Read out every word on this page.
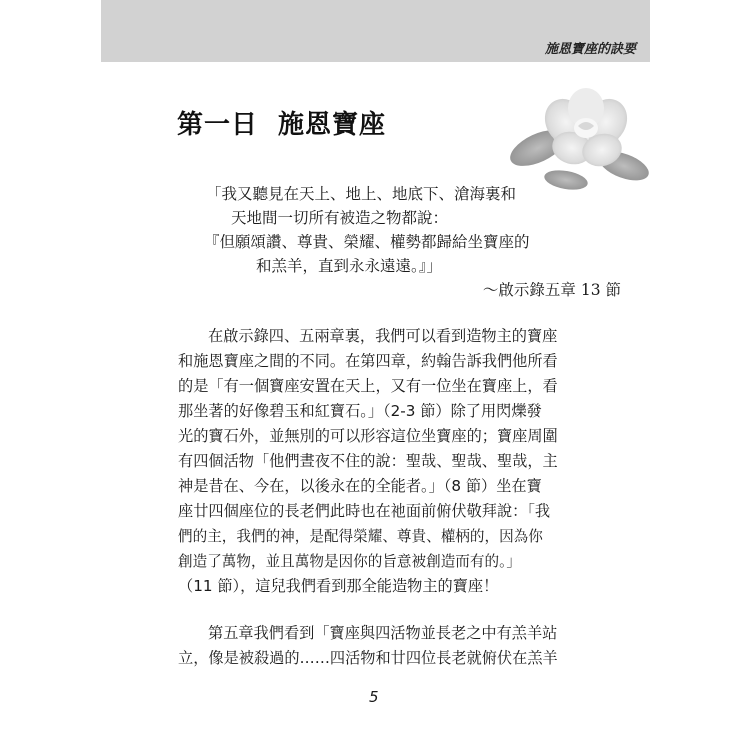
施恩寶座的訣要
第一日 施恩寶座

「我又聽見在天上、地上、地底下、滄海裏和

天地間一切所有被造之物都說：

『但願頌讚、尊貴、榮耀、權勢都歸給坐寶座的

和羔羊，直到永永遠遠。』」

～啟示錄五章 13 節

在啟示錄四、五兩章裏，我們可以看到造物主的寶座

和施恩寶座之間的不同。在第四章，約翰告訴我們他所看

的是「有一個寶座安置在天上，又有一位坐在寶座上，看

那坐著的好像碧玉和紅寶石。」（2-3 節）除了用閃爍發

光的寶石外，並無別的可以形容這位坐寶座的；寶座周圍

有四個活物「他們晝夜不住的說：聖哉、聖哉、聖哉，主

神是昔在、今在，以後永在的全能者。」（8 節）坐在寶

座廿四個座位的長老們此時也在祂面前俯伏敬拜說：「我

們的主，我們的神，是配得榮耀、尊貴、權柄的，因為你

創造了萬物，並且萬物是因你的旨意被創造而有的。」

（11 節），這兒我們看到那全能造物主的寶座！

第五章我們看到「寶座與四活物並長老之中有羔羊站

立，像是被殺過的……四活物和廿四位長老就俯伏在羔羊

5
